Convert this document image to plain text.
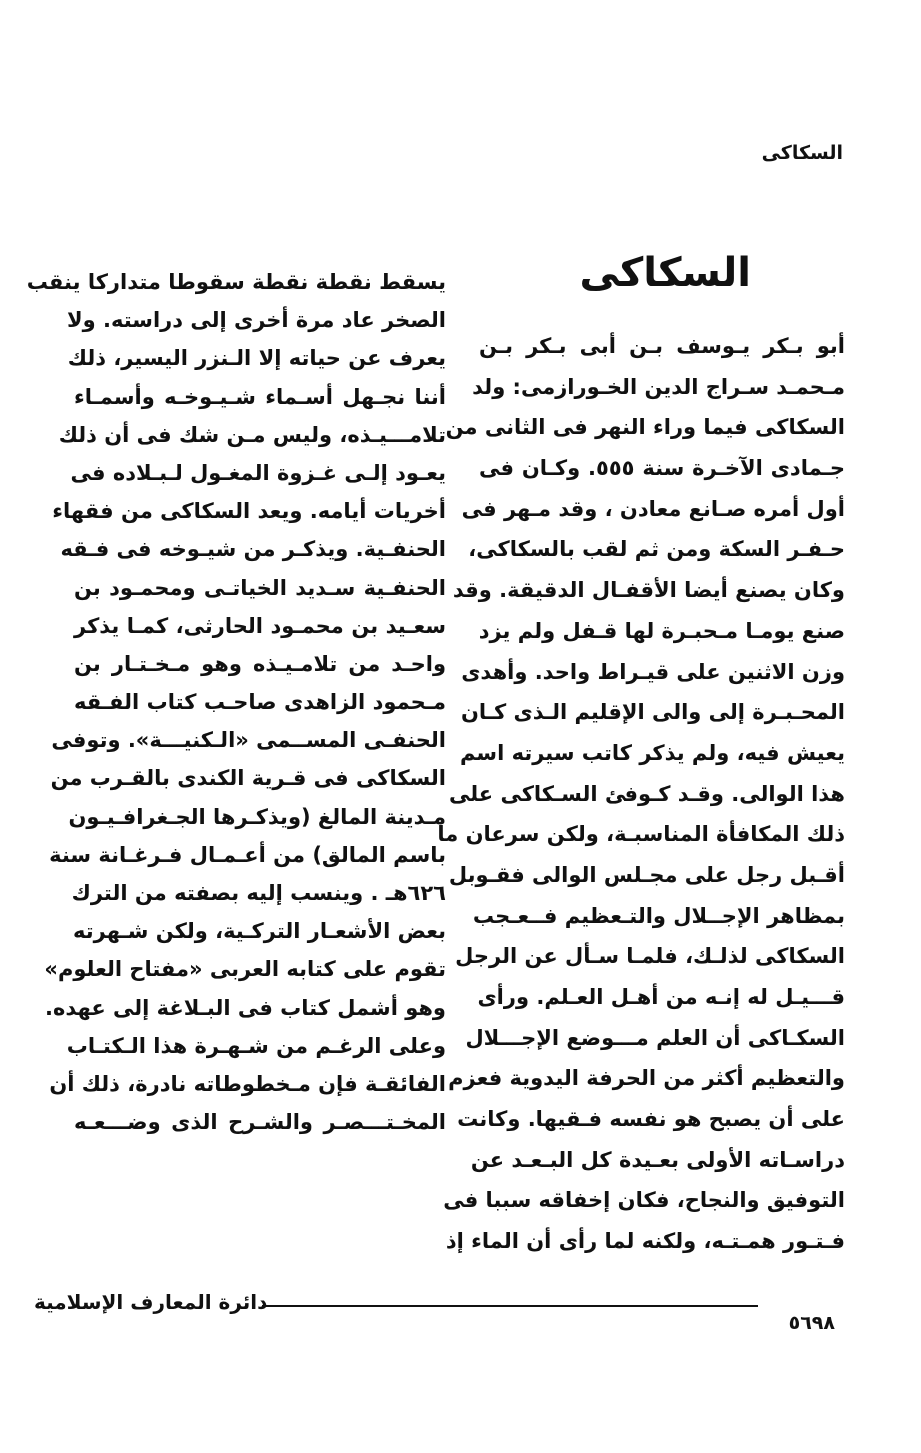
السكاكى
السكاكى
أبو بـكر يـوسف بـن أبى بـكر بـن
مـحمـد سـراج الدين الخـورازمى: ولد
السكاكى فيما وراء النهر فى الثانى من
جـمادى الآخـرة سنة ٥٥٥. وكـان فى
أول أمره صـانع معادن ، وقد مـهر فى
حـفـر السكة ومن ثم لقب بالسكاكى،
وكان يصنع أيضا الأقفـال الدقيقة. وقد
صنع يومـا مـحبـرة لها قـفل ولم يزد
وزن الاثنين على قيـراط واحد. وأهدى
المحـبـرة إلى والى الإقليم الـذى كـان
يعيش فيه، ولم يذكر كاتب سيرته اسم
هذا الوالى. وقـد كـوفئ السـكاكى على
ذلك المكافأة المناسبـة، ولكن سرعان ما
أقـبل رجل على مجـلس الوالى فقـوبل
بمظاهر الإجــلال والتـعظيم فــعـجب
السكاكى لذلـك، فلمـا سـأل عن الرجل
قـــيـل له إنـه من أهـل العـلم. ورأى
السكـاكى أن العلم مـــوضع الإجـــلال
والتعظيم أكثر من الحرفة اليدوية فعزم
على أن يصبح هو نفسه فـقيها. وكانت
دراسـاته الأولى بعـيدة كل البـعـد عن
التوفيق والنجاح، فكان إخفاقه سببا فى
فـتـور همـتـه، ولكنه لما رأى أن الماء إذ
يسقط نقطة نقطة سقوطا متداركا ينقب
الصخر عاد مرة أخرى إلى دراسته. ولا
يعرف عن حياته إلا الـنزر اليسير، ذلك
أننا نجـهل أسـماء شـيـوخـه وأسمـاء
تلامـــيـذه، وليس مـن شك فى أن ذلك
يعـود إلـى غـزوة المغـول لـبـلاده فى
أخريات أيامه. ويعد السكاكى من فقهاء
الحنفـية. ويذكـر من شيـوخه فى فـقه
الحنفـية سـديد الخياتـى ومحمـود بن
سعـيد بن محمـود الحارثى، كمـا يذكر
واحـد من تلامـيـذه وهو مـخـتـار بن
مـحمود الزاهدى صاحـب كتاب الفـقه
الحنفـى المســمى «الـكنيـــة». وتوفى
السكاكى فى قـرية الكندى بالقـرب من
مـدينة المالغ (ويذكـرها الجـغرافـيـون
باسم المالق) من أعـمـال فـرغـانة سنة
٦٢٦هـ . وينسب إليه بصفته من الترك
بعض الأشعـار التركـية، ولكن شـهرته
تقوم على كتابه العربى «مفتاح العلوم»
وهو أشمل كتاب فى البـلاغة إلى عهده.
وعلى الرغـم من شـهـرة هذا الـكتـاب
الفائقـة فإن مـخطوطاته نادرة، ذلك أن
المخـتـــصـر والشـرح الذى وضـــعـه
دائرة المعارف الإسلامية
٥٦٩٨
